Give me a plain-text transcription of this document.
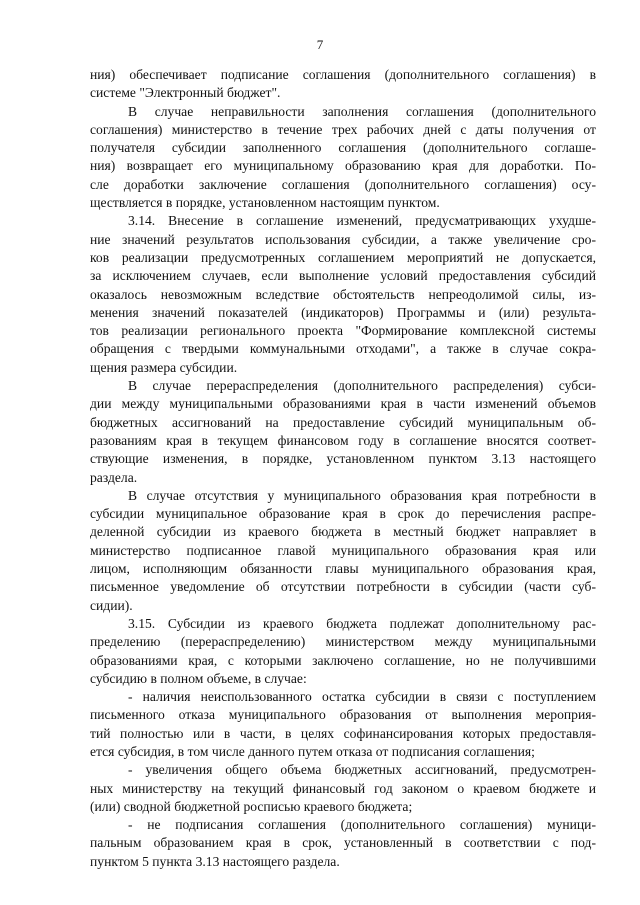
7
ния) обеспечивает подписание соглашения (дополнительного соглашения) в
системе "Электронный бюджет".
В случае неправильности заполнения соглашения (дополнительного
соглашения) министерство в течение трех рабочих дней с даты получения от
получателя субсидии заполненного соглашения (дополнительного соглаше-
ния) возвращает его муниципальному образованию края для доработки. По-
сле доработки заключение соглашения (дополнительного соглашения) осу-
ществляется в порядке, установленном настоящим пунктом.
3.14. Внесение в соглашение изменений, предусматривающих ухудше-
ние значений результатов использования субсидии, а также увеличение сро-
ков реализации предусмотренных соглашением мероприятий не допускается,
за исключением случаев, если выполнение условий предоставления субсидий
оказалось невозможным вследствие обстоятельств непреодолимой силы, из-
менения значений показателей (индикаторов) Программы и (или) результа-
тов реализации регионального проекта "Формирование комплексной системы
обращения с твердыми коммунальными отходами", а также в случае сокра-
щения размера субсидии.
В случае перераспределения (дополнительного распределения) субси-
дии между муниципальными образованиями края в части изменений объемов
бюджетных ассигнований на предоставление субсидий муниципальным об-
разованиям края в текущем финансовом году в соглашение вносятся соответ-
ствующие изменения, в порядке, установленном пунктом 3.13 настоящего
раздела.
В случае отсутствия у муниципального образования края потребности в
субсидии муниципальное образование края в срок до перечисления распре-
деленной субсидии из краевого бюджета в местный бюджет направляет в
министерство подписанное главой муниципального образования края или
лицом, исполняющим обязанности главы муниципального образования края,
письменное уведомление об отсутствии потребности в субсидии (части суб-
сидии).
3.15. Субсидии из краевого бюджета подлежат дополнительному рас-
пределению (перераспределению) министерством между муниципальными
образованиями края, с которыми заключено соглашение, но не получившими
субсидию в полном объеме, в случае:
- наличия неиспользованного остатка субсидии в связи с поступлением
письменного отказа муниципального образования от выполнения мероприя-
тий полностью или в части, в целях софинансирования которых предоставля-
ется субсидия, в том числе данного путем отказа от подписания соглашения;
- увеличения общего объема бюджетных ассигнований, предусмотрен-
ных министерству на текущий финансовый год законом о краевом бюджете и
(или) сводной бюджетной росписью краевого бюджета;
- не подписания соглашения (дополнительного соглашения) муници-
пальным образованием края в срок, установленный в соответствии с под-
пунктом 5 пункта 3.13 настоящего раздела.
